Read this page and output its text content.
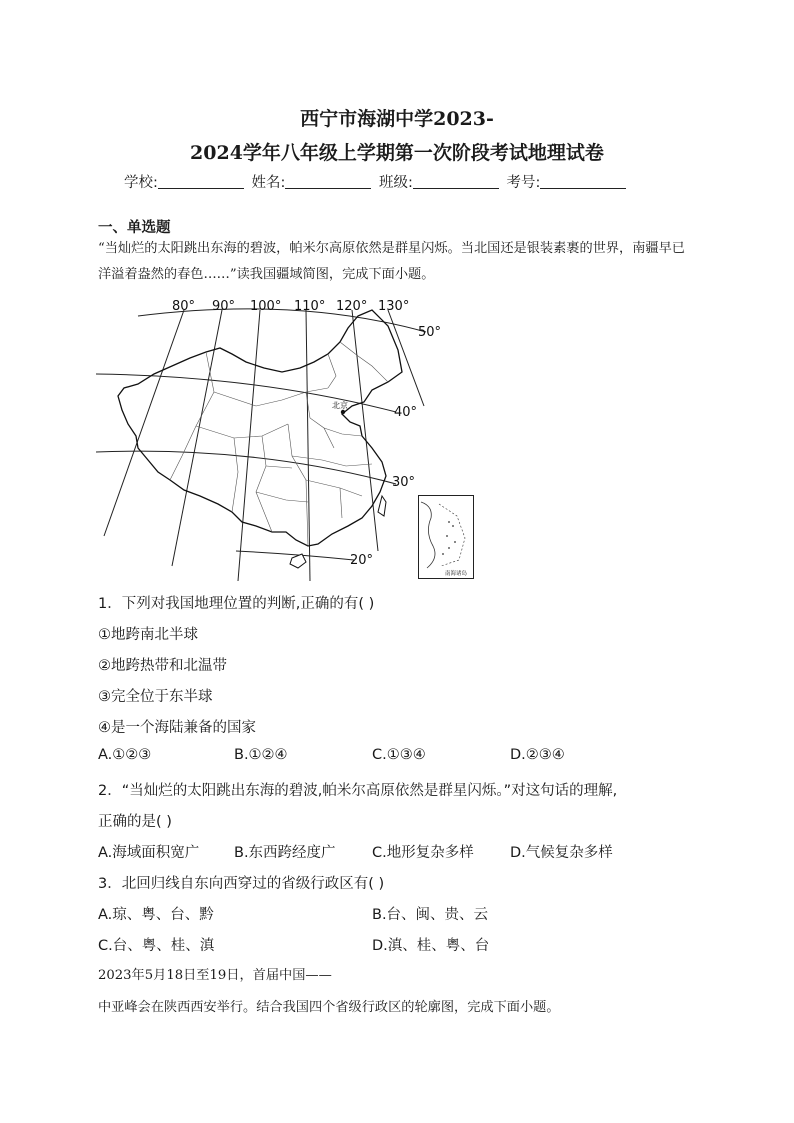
西宁市海湖中学2023-
2024学年八年级上学期第一次阶段考试地理试卷
学校:	姓名:	班级:	考号:
一、单选题
“当灿烂的太阳跳出东海的碧波，帕米尔高原依然是群星闪烁。当北国还是银装素裹的世界，南疆早已洋溢着盎然的春色……”读我国疆域简图，完成下面小题。
北京
80° 90° 100° 110° 120° 130°
50°
40°
30°
20°
南海诸岛
1．下列对我国地理位置的判断,正确的有( )
①地跨南北半球
②地跨热带和北温带
③完全位于东半球
④是一个海陆兼备的国家
A.①②③	B.①②④	C.①③④	D.②③④
2．“当灿烂的太阳跳出东海的碧波,帕米尔高原依然是群星闪烁。”对这句话的理解,
正确的是( )
A.海域面积宽广 B.东西跨经度广	C.地形复杂多样	D.气候复杂多样
3．北回归线自东向西穿过的省级行政区有( )
A.琼、粤、台、黔	B.台、闽、贵、云
C.台、粤、桂、滇	D.滇、桂、粤、台
2023年5月18日至19日，首届中国——
中亚峰会在陕西西安举行。结合我国四个省级行政区的轮廓图，完成下面小题。
